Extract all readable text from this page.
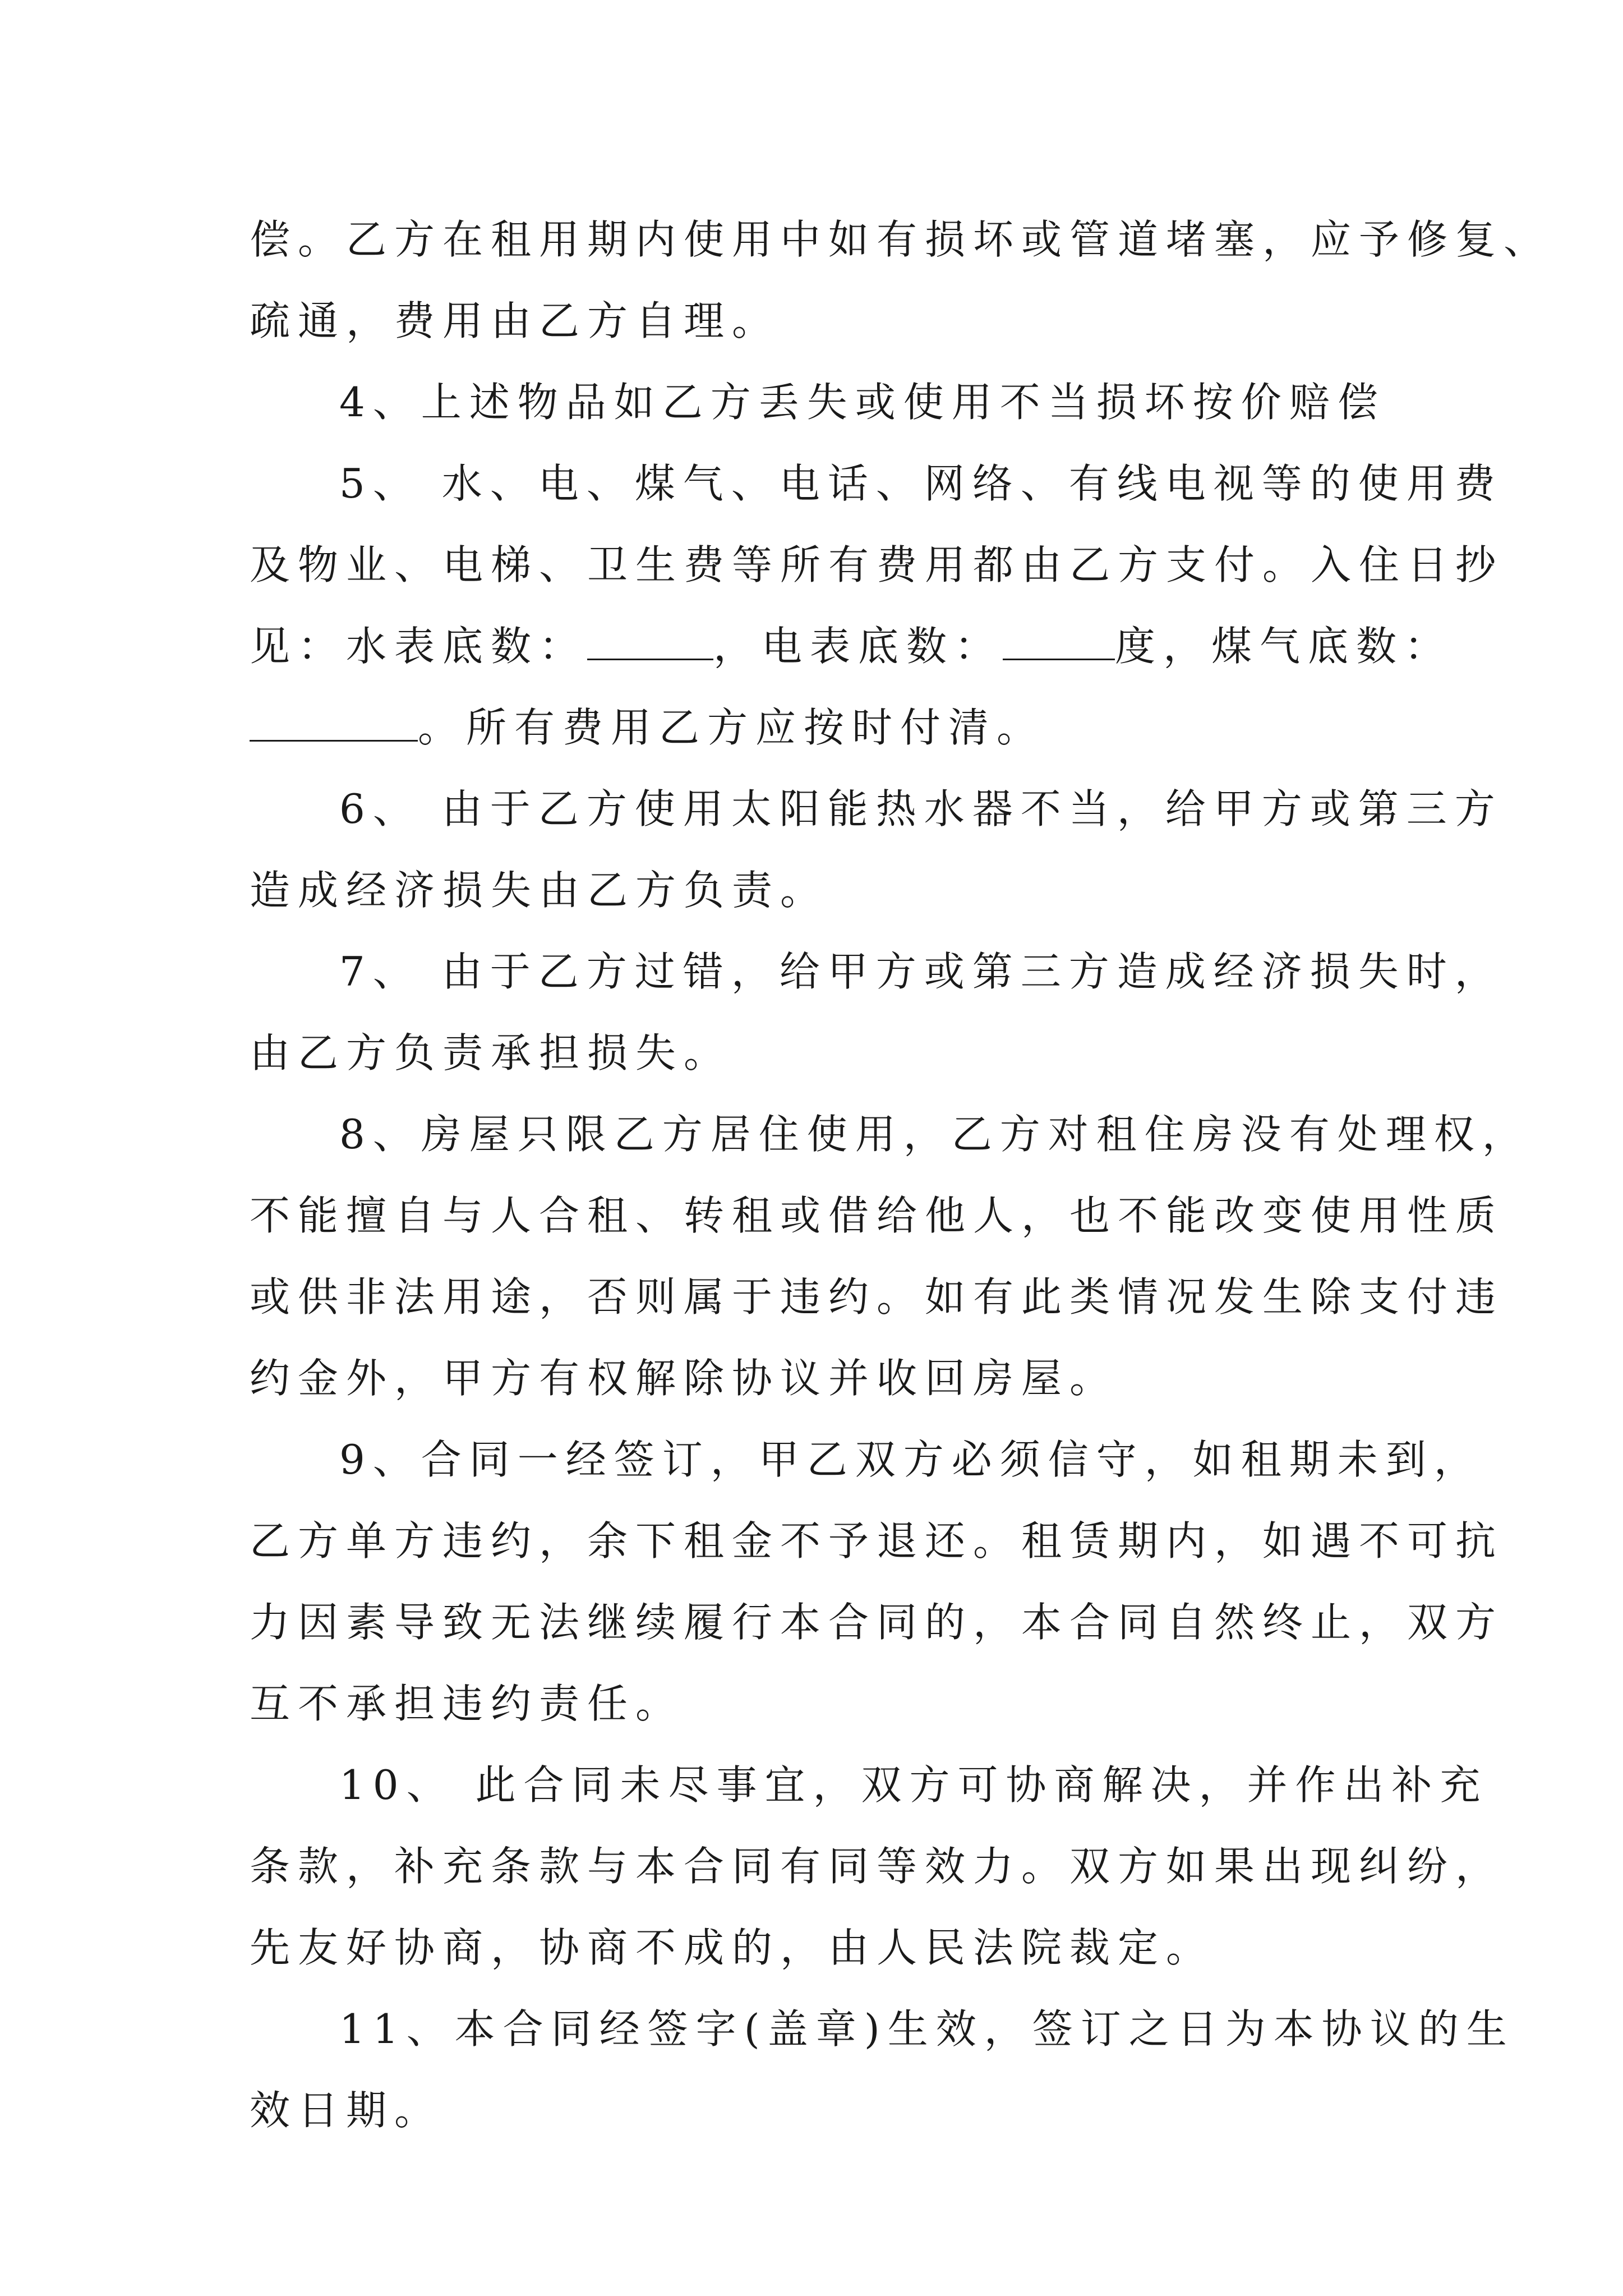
偿。乙方在租用期内使用中如有损坏或管道堵塞，应予修复、

疏通，费用由乙方自理。

4、上述物品如乙方丢失或使用不当损坏按价赔偿

5、 水、电、煤气、电话、网络、有线电视等的使用费

及物业、电梯、卫生费等所有费用都由乙方支付。入住日抄

见：水表底数：	，电表底数：	度，煤气底数：

。所有费用乙方应按时付清。

6、 由于乙方使用太阳能热水器不当，给甲方或第三方

造成经济损失由乙方负责。

7、 由于乙方过错，给甲方或第三方造成经济损失时，

由乙方负责承担损失。

8、房屋只限乙方居住使用，乙方对租住房没有处理权，

不能擅自与人合租、转租或借给他人，也不能改变使用性质

或供非法用途，否则属于违约。如有此类情况发生除支付违

约金外，甲方有权解除协议并收回房屋。

9、合同一经签订，甲乙双方必须信守，如租期未到，

乙方单方违约，余下租金不予退还。租赁期内，如遇不可抗

力因素导致无法继续履行本合同的，本合同自然终止，双方

互不承担违约责任。

10、 此合同未尽事宜，双方可协商解决，并作出补充

条款，补充条款与本合同有同等效力。双方如果出现纠纷，

先友好协商，协商不成的，由人民法院裁定。

11、本合同经签字(盖章)生效，签订之日为本协议的生

效日期。
